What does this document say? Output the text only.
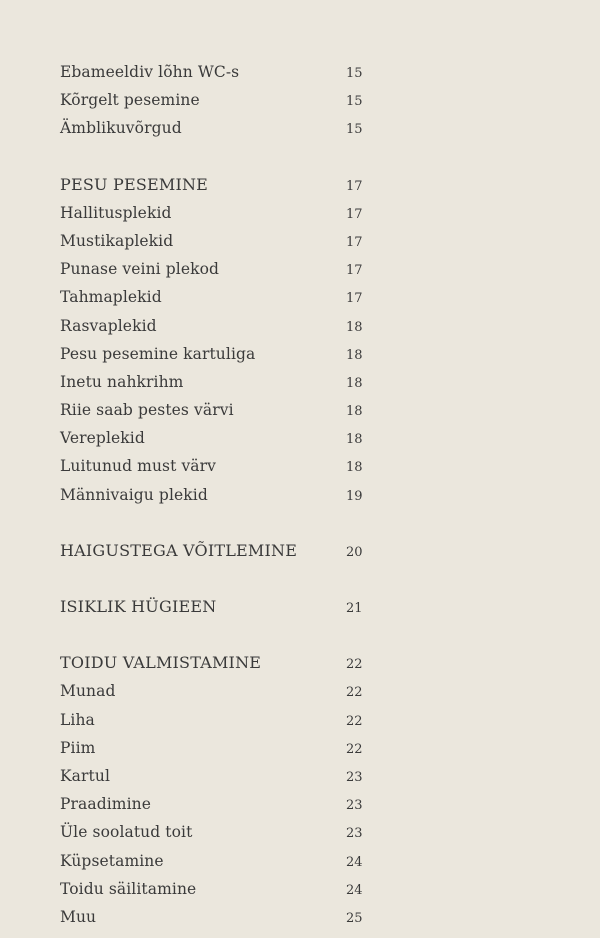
Ebameeldiv lõhn WC-s	15
Kõrgelt pesemine	15
Ämblikuvõrgud	15
PESU PESEMINE	17
Hallitusplekid	17
Mustikaplekid	17
Punase veini plekod	17
Tahmaplekid	17
Rasvaplekid	18
Pesu pesemine kartuliga	18
Inetu nahkrihm	18
Riie saab pestes värvi	18
Vereplekid	18
Luitunud must värv	18
Männivaigu plekid	19
HAIGUSTEGA VÕITLEMINE	20
ISIKLIK HÜGIEEN	21
TOIDU VALMISTAMINE	22
Munad	22
Liha	22
Piim	22
Kartul	23
Praadimine	23
Üle soolatud toit	23
Küpsetamine	24
Toidu säilitamine	24
Muu	25
